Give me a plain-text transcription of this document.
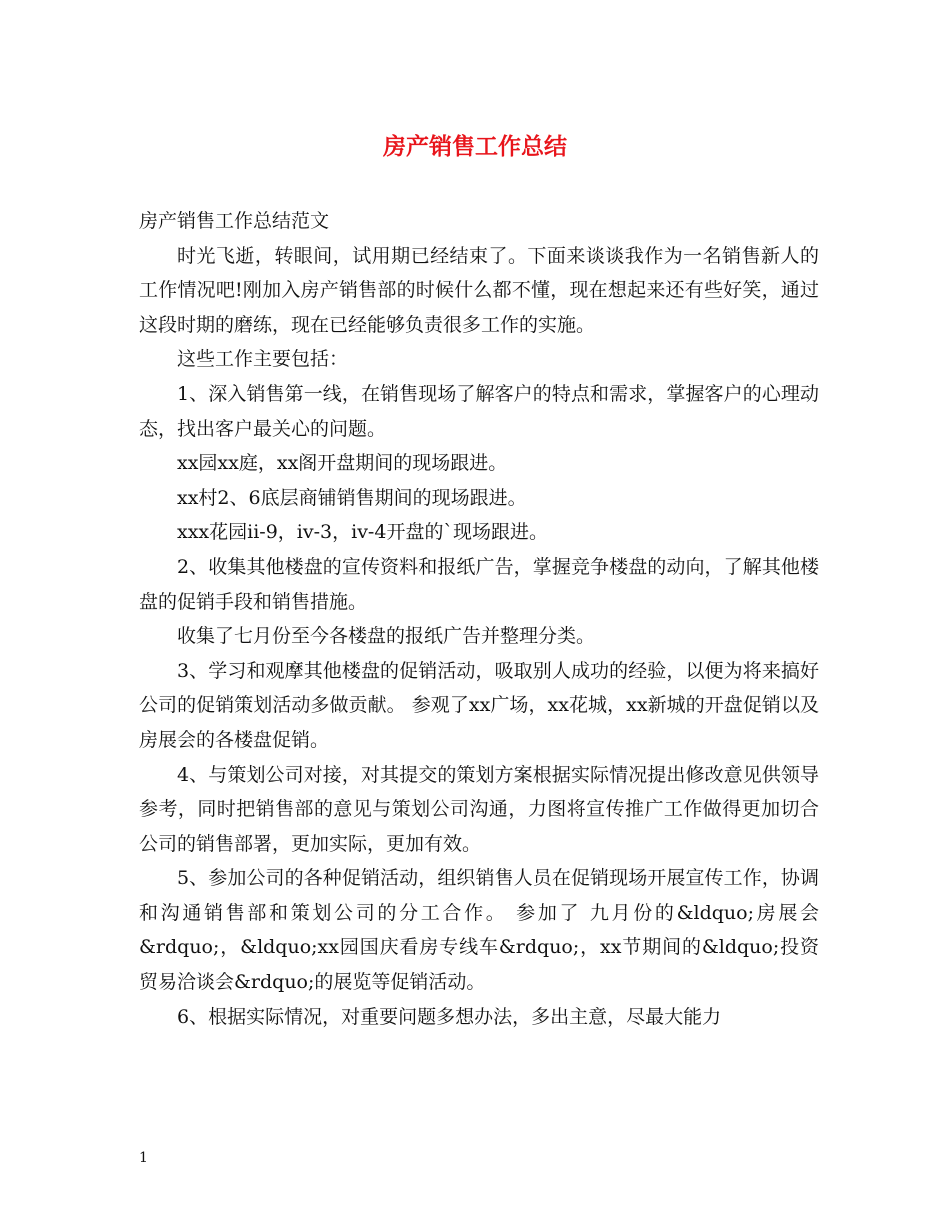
房产销售工作总结

房产销售工作总结范文

时光飞逝，转眼间，试用期已经结束了。下面来谈谈我作为一名销售新人的工作情况吧!刚加入房产销售部的时候什么都不懂，现在想起来还有些好笑，通过这段时期的磨练，现在已经能够负责很多工作的实施。

这些工作主要包括：

1、深入销售第一线，在销售现场了解客户的特点和需求，掌握客户的心理动态，找出客户最关心的问题。

xx园xx庭，xx阁开盘期间的现场跟进。

xx村2、6底层商铺销售期间的现场跟进。

xxx花园ii-9，iv-3，iv-4开盘的`现场跟进。

2、收集其他楼盘的宣传资料和报纸广告，掌握竞争楼盘的动向，了解其他楼盘的促销手段和销售措施。

收集了七月份至今各楼盘的报纸广告并整理分类。

3、学习和观摩其他楼盘的促销活动，吸取别人成功的经验，以便为将来搞好公司的促销策划活动多做贡献。 参观了xx广场，xx花城，xx新城的开盘促销以及房展会的各楼盘促销。

4、与策划公司对接，对其提交的策划方案根据实际情况提出修改意见供领导参考，同时把销售部的意见与策划公司沟通，力图将宣传推广工作做得更加切合公司的销售部署，更加实际，更加有效。

5、参加公司的各种促销活动，组织销售人员在促销现场开展宣传工作，协调和沟通销售部和策划公司的分工合作。 参加了 九月份的&ldquo;房展会&rdquo;，&ldquo;xx园国庆看房专线车&rdquo;，xx节期间的&ldquo;投资贸易洽谈会&rdquo;的展览等促销活动。

6、根据实际情况，对重要问题多想办法，多出主意，尽最大能力

1
